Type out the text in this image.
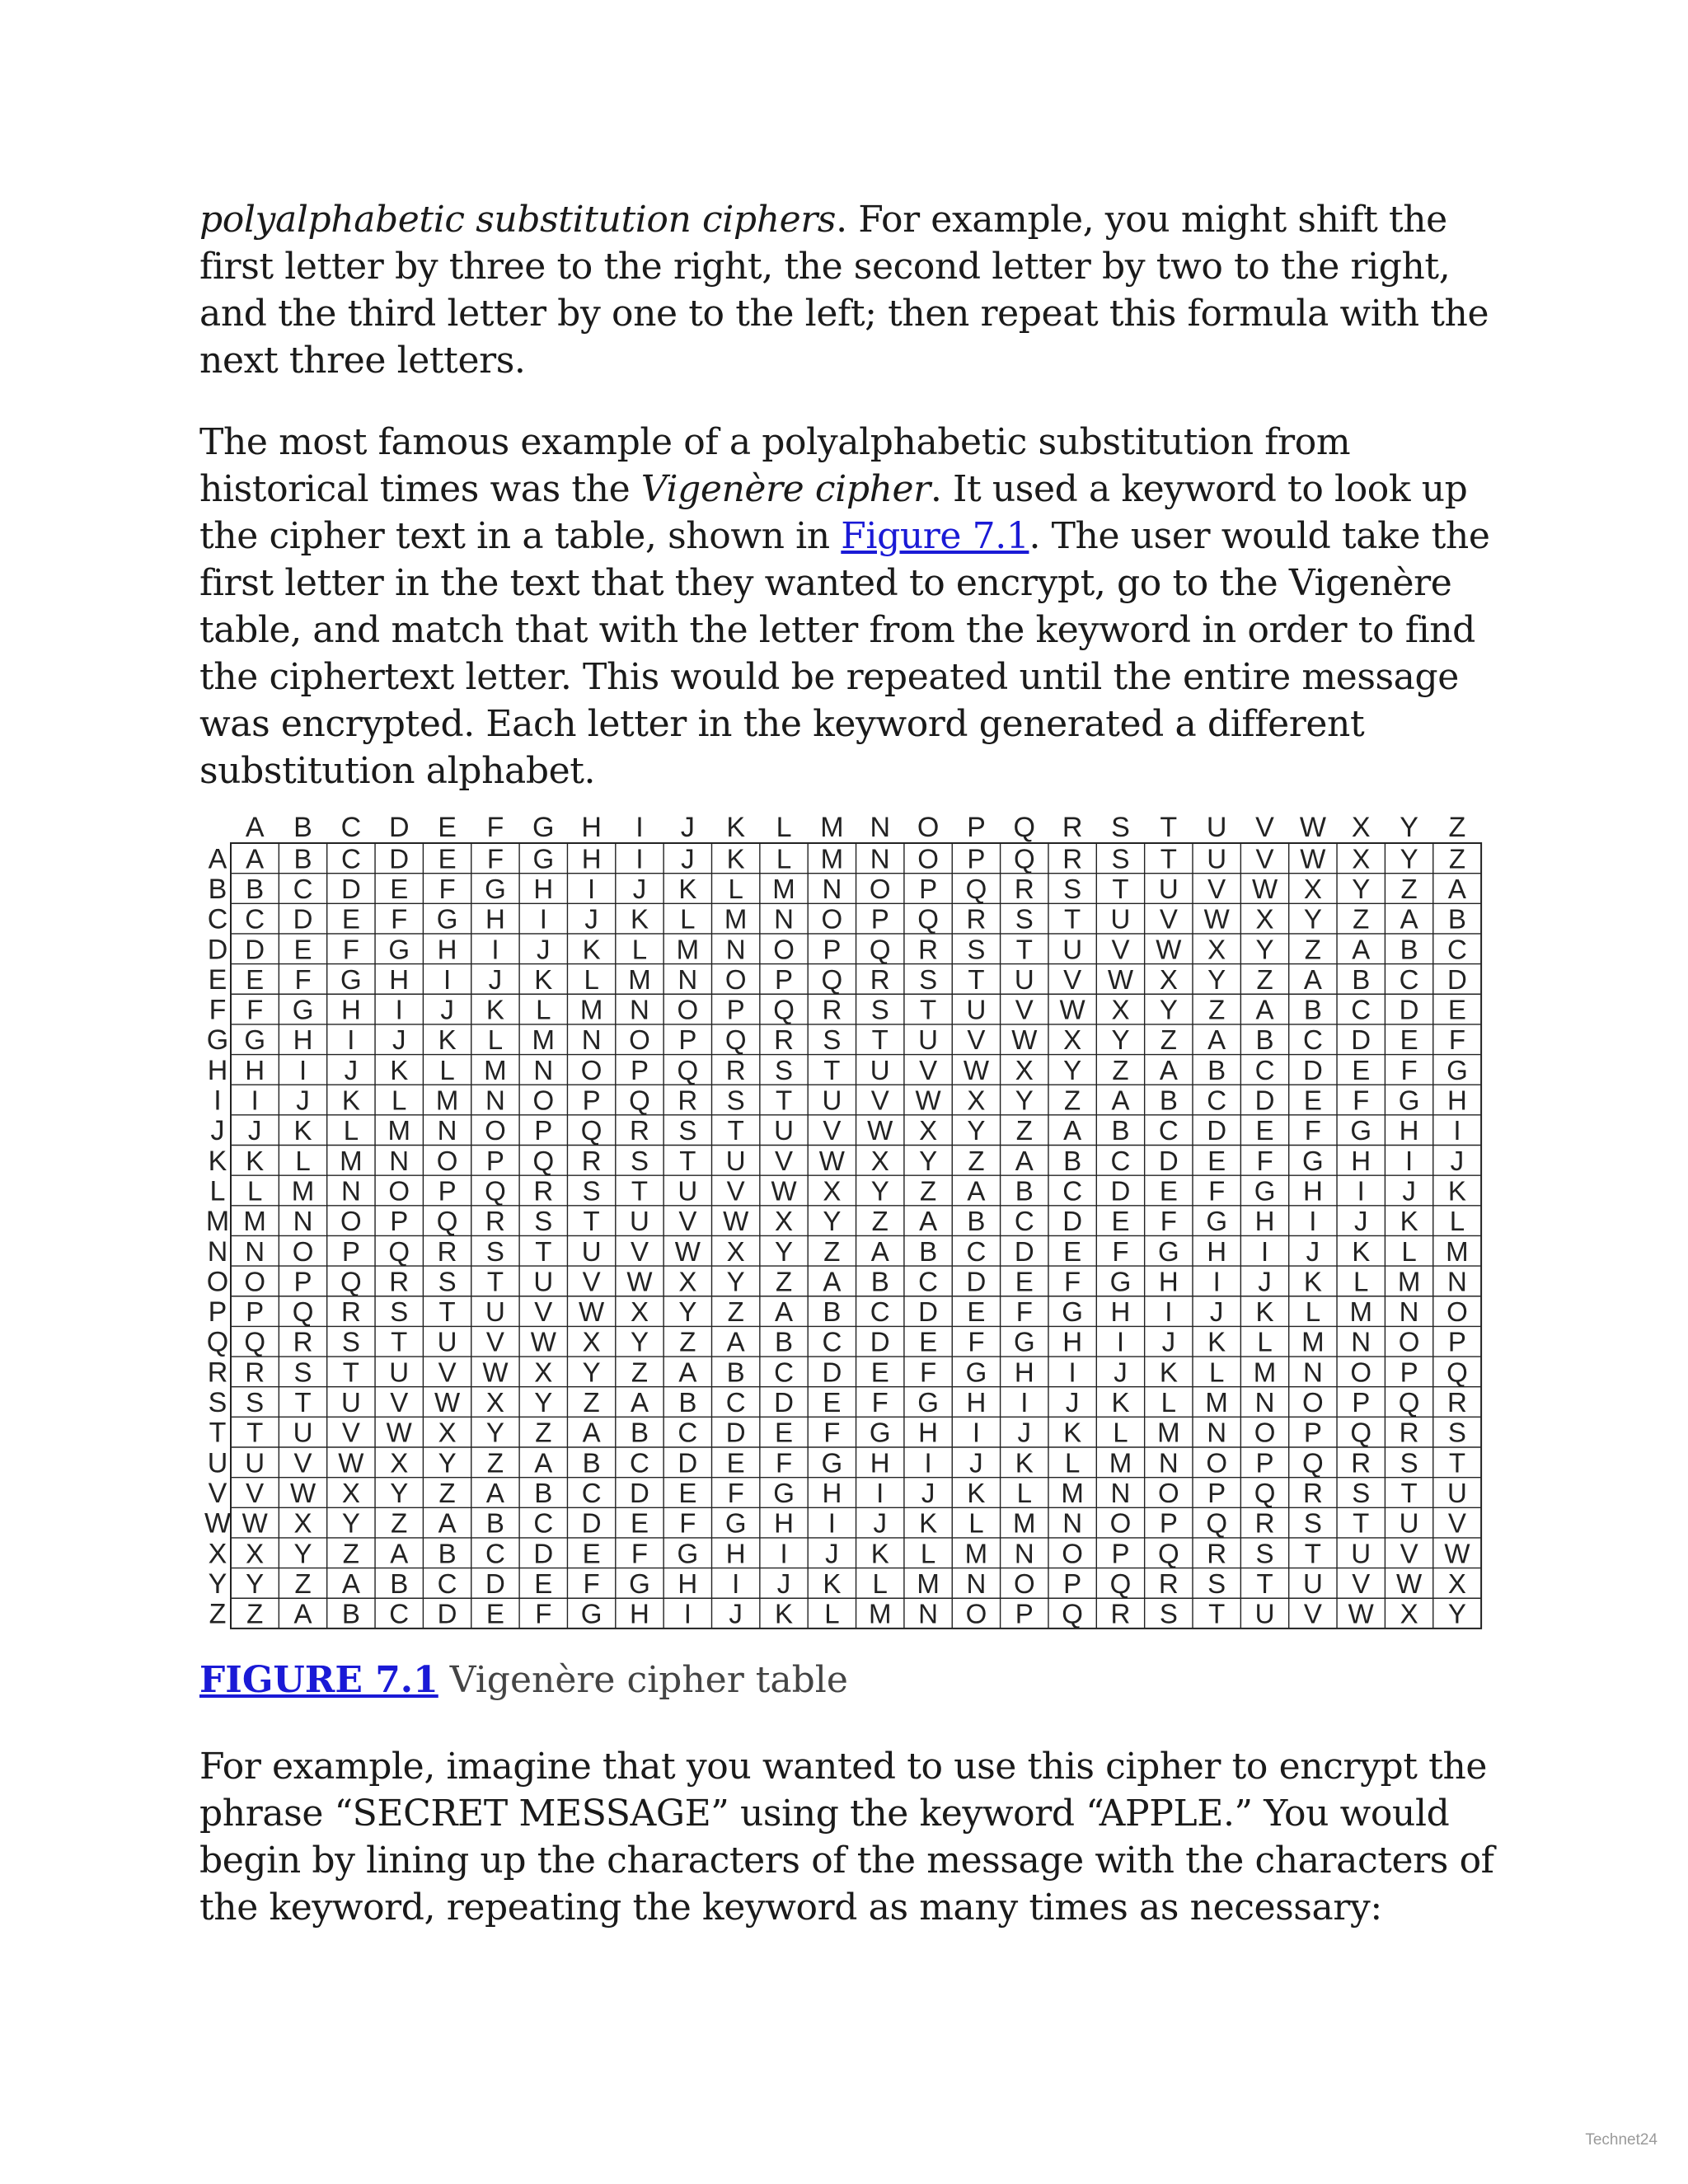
polyalphabetic substitution ciphers. For example, you might shift the first letter by three to the right, the second letter by two to the right, and the third letter by one to the left; then repeat this formula with the next three letters.

The most famous example of a polyalphabetic substitution from historical times was the Vigenère cipher. It used a keyword to look up the cipher text in a table, shown in Figure 7.1. The user would take the first letter in the text that they wanted to encrypt, go to the Vigenère table, and match that with the letter from the keyword in order to find the ciphertext letter. This would be repeated until the entire message was encrypted. Each letter in the keyword generated a different substitution alphabet.

A B C D E F G H I J K L M N O P Q R S T U V W X Y Z
A
B
C
D
E
F
G
H
I
J
K
L
M
N
O
P
Q
R
S
T
U
V
W
X
Y
Z
A B C D E F G H I J K L M N O P Q R S T U V W X Y Z
B C D E F G H I J K L M N O P Q R S T U V W X Y Z A
C D E F G H I J K L M N O P Q R S T U V W X Y Z A B
D E F G H I J K L M N O P Q R S T U V W X Y Z A B C
E F G H I J K L M N O P Q R S T U V W X Y Z A B C D
F G H I J K L M N O P Q R S T U V W X Y Z A B C D E
G H I J K L M N O P Q R S T U V W X Y Z A B C D E F
H I J K L M N O P Q R S T U V W X Y Z A B C D E F G
I J K L M N O P Q R S T U V W X Y Z A B C D E F G H
J K L M N O P Q R S T U V W X Y Z A B C D E F G H I
K L M N O P Q R S T U V W X Y Z A B C D E F G H I J
L M N O P Q R S T U V W X Y Z A B C D E F G H I J K
M N O P Q R S T U V W X Y Z A B C D E F G H I J K L
N O P Q R S T U V W X Y Z A B C D E F G H I J K L M
O P Q R S T U V W X Y Z A B C D E F G H I J K L M N
P Q R S T U V W X Y Z A B C D E F G H I J K L M N O
Q R S T U V W X Y Z A B C D E F G H I J K L M N O P
R S T U V W X Y Z A B C D E F G H I J K L M N O P Q
S T U V W X Y Z A B C D E F G H I J K L M N O P Q R
T U V W X Y Z A B C D E F G H I J K L M N O P Q R S
U V W X Y Z A B C D E F G H I J K L M N O P Q R S T
V W X Y Z A B C D E F G H I J K L M N O P Q R S T U
W X Y Z A B C D E F G H I J K L M N O P Q R S T U V
X Y Z A B C D E F G H I J K L M N O P Q R S T U V W
Y Z A B C D E F G H I J K L M N O P Q R S T U V W X
Z A B C D E F G H I J K L M N O P Q R S T U V W X Y
FIGURE 7.1 Vigenère cipher table

For example, imagine that you wanted to use this cipher to encrypt the phrase “SECRET MESSAGE” using the keyword “APPLE.” You would begin by lining up the characters of the message with the characters of the keyword, repeating the keyword as many times as necessary:

Technet24
